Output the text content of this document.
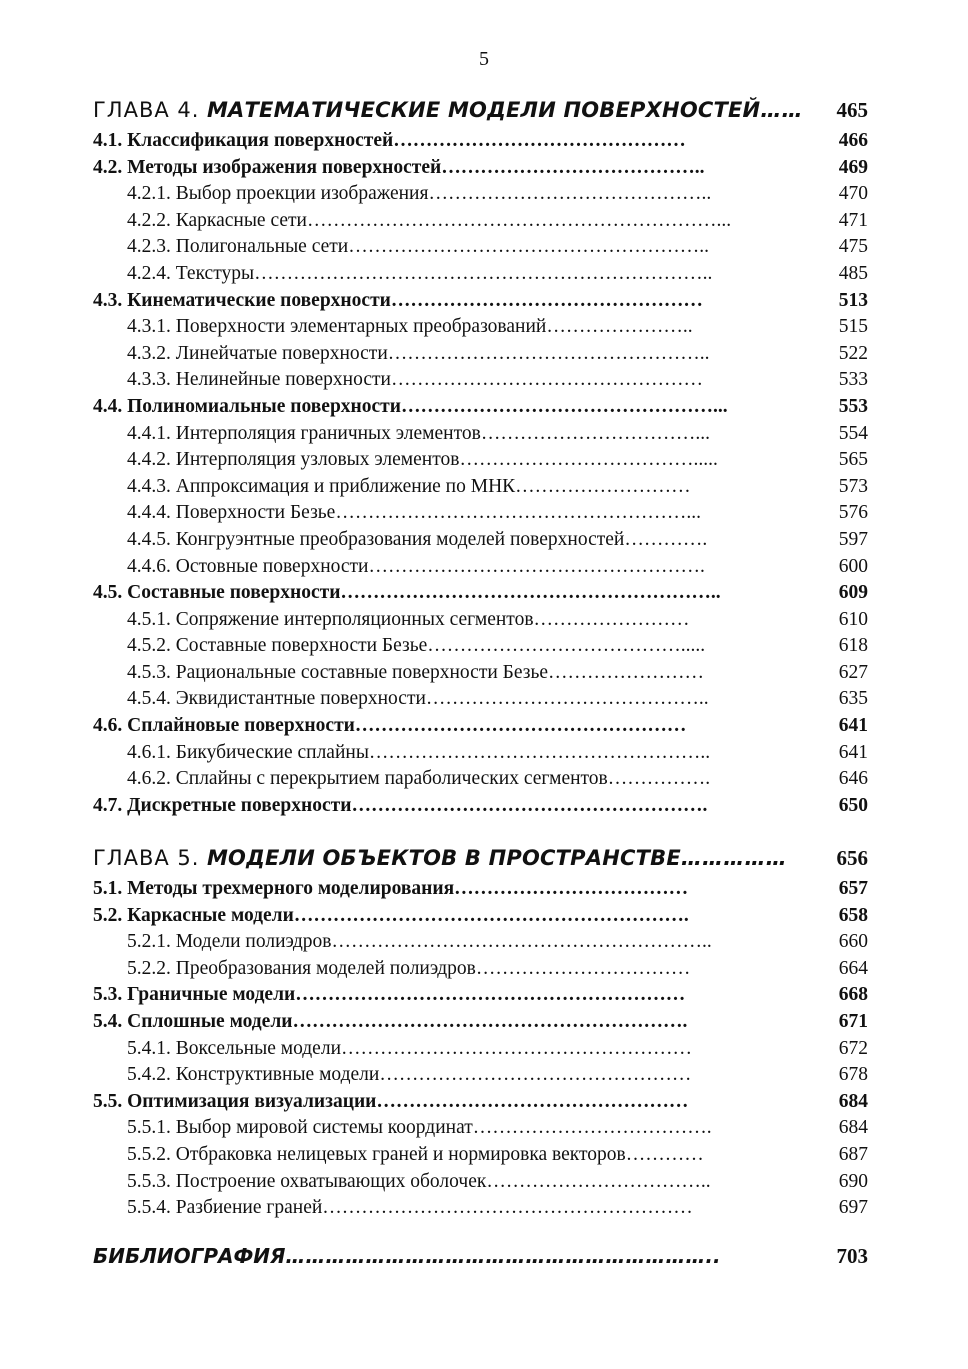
5
ГЛАВА 4. МАТЕМАТИЧЕСКИЕ МОДЕЛИ ПОВЕРХНОСТЕЙ……	465
4.1. Классификация поверхностей………………………………………	466
4.2. Методы изображения поверхностей…………………………………..	469
4.2.1. Выбор проекции изображения……………………………………..	470
4.2.2. Каркасные сети………………………………………………………...	471
4.2.3. Полигональные сети………………………………………………..	475
4.2.4. Текстуры……………………………………………………………..	485
4.3. Кинематические поверхности…………………………………………	513
4.3.1. Поверхности элементарных преобразований…………………..	515
4.3.2. Линейчатые поверхности…………………………………………..	522
4.3.3. Нелинейные поверхности…………………………………………	533
4.4. Полиномиальные поверхности…………………………………………...	553
4.4.1. Интерполяция граничных элементов……………………………...	554
4.4.2. Интерполяция узловых элементов……………………………….....	565
4.4.3. Аппроксимация и приближение по МНК………………………	573
4.4.4. Поверхности Безье………………………………………………...	576
4.4.5. Конгруэнтные преобразования моделей поверхностей………….	597
4.4.6. Остовные поверхности…………………………………………….	600
4.5. Составные поверхности…………………………………………………..	609
4.5.1. Сопряжение интерполяционных сегментов……………………	610
4.5.2. Составные поверхности Безье………………………………….....	618
4.5.3. Рациональные составные поверхности Безье……………………	627
4.5.4. Эквидистантные поверхности……………………………………..	635
4.6. Сплайновые поверхности……………………………………………	641
4.6.1. Бикубические сплайны……………………………………………..	641
4.6.2. Сплайны с перекрытием параболических сегментов…………….	646
4.7. Дискретные поверхности……………………………………………….	650
ГЛАВА 5. МОДЕЛИ ОБЪЕКТОВ В ПРОСТРАНСТВЕ……………	656
5.1. Методы трехмерного моделирования………………………………	657
5.2. Каркасные модели…………………………………………………….	658
5.2.1. Модели полиэдров…………………………………………………..	660
5.2.2. Преобразования моделей полиэдров……………………………	664
5.3. Граничные модели……………………………………………………	668
5.4. Сплошные модели…………………………………………………….	671
5.4.1. Воксельные модели………………………………………………	672
5.4.2. Конструктивные модели…………………………………………	678
5.5. Оптимизация визуализации…………………………………………	684
5.5.1. Выбор мировой системы координат……………………………….	684
5.5.2. Отбраковка нелицевых граней и нормировка векторов…………	687
5.5.3. Построение охватывающих оболочек……………………………..	690
5.5.4. Разбиение граней…………………………………………………	697
БИБЛИОГРАФИЯ………………………………………………………..	703
